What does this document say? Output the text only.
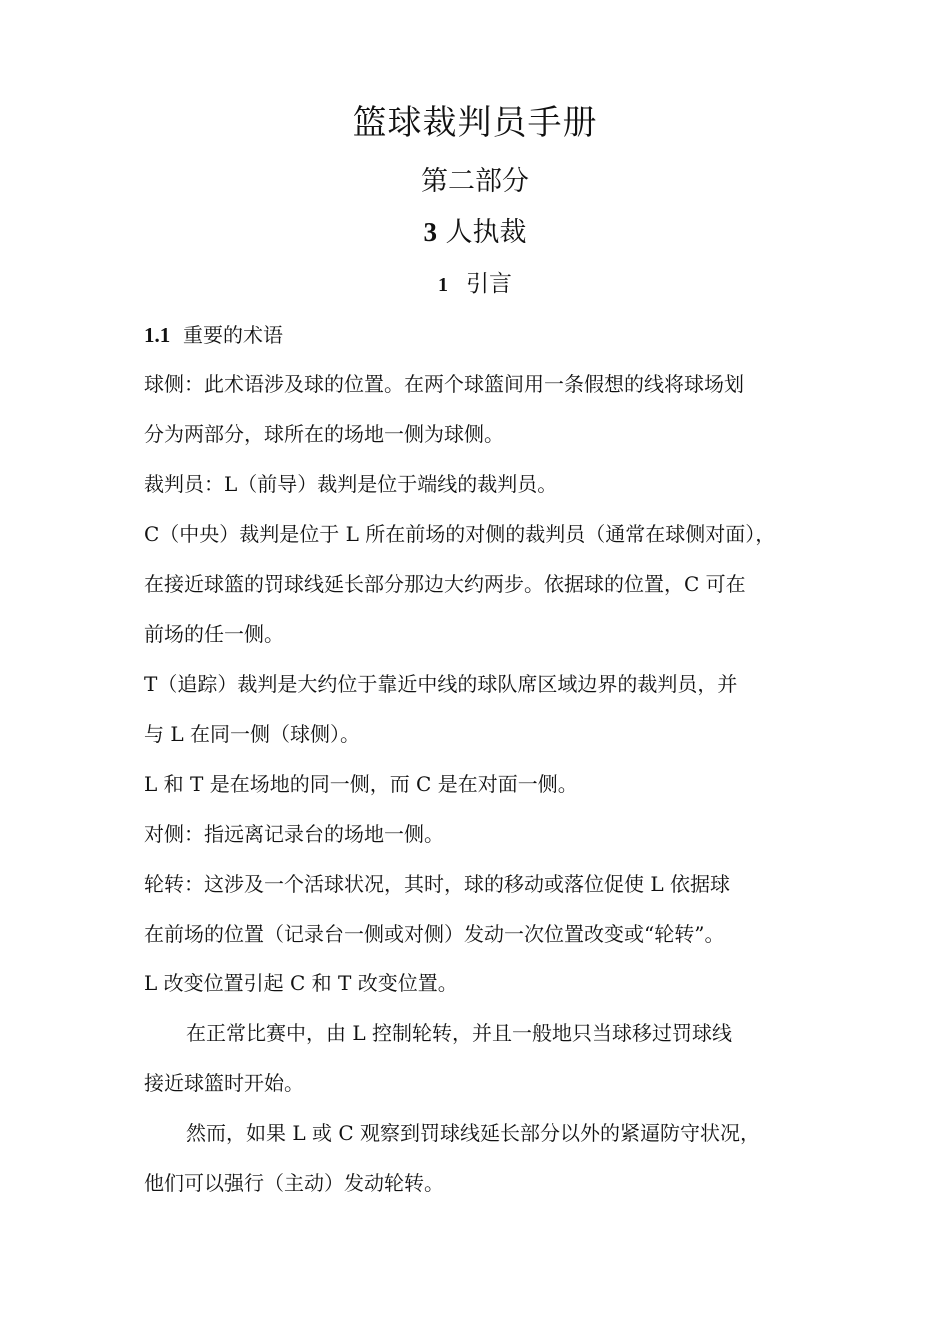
篮球裁判员手册
第二部分
3 人执裁
1 引言
1.1 重要的术语
球侧：此术语涉及球的位置。在两个球篮间用一条假想的线将球场划
分为两部分，球所在的场地一侧为球侧。
裁判员：L（前导）裁判是位于端线的裁判员。
C（中央）裁判是位于 L 所在前场的对侧的裁判员（通常在球侧对面），
在接近球篮的罚球线延长部分那边大约两步。依据球的位置，C 可在
前场的任一侧。
T（追踪）裁判是大约位于靠近中线的球队席区域边界的裁判员，并
与 L 在同一侧（球侧）。
L 和 T 是在场地的同一侧，而 C 是在对面一侧。
对侧：指远离记录台的场地一侧。
轮转：这涉及一个活球状况，其时，球的移动或落位促使 L 依据球
在前场的位置（记录台一侧或对侧）发动一次位置改变或“轮转”。
L 改变位置引起 C 和 T 改变位置。
在正常比赛中，由 L 控制轮转，并且一般地只当球移过罚球线
接近球篮时开始。
然而，如果 L 或 C 观察到罚球线延长部分以外的紧逼防守状况，
他们可以强行（主动）发动轮转。
